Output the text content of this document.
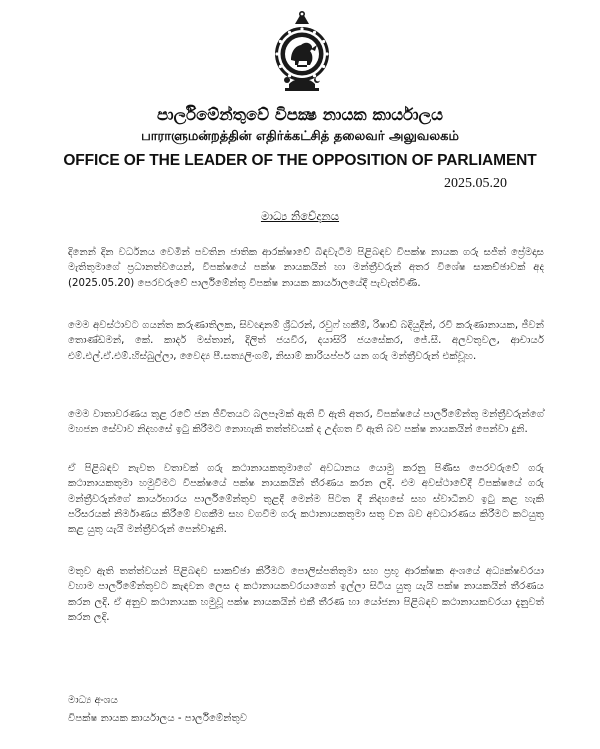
පාර්ලිමේන්තුවේ විපක්‍ෂ නායක කාර්යාලය
பாராளுமன்றத்தின் எதிர்க்கட்சித் தலைவர் அலுவலகம்
OFFICE OF THE LEADER OF THE OPPOSITION OF PARLIAMENT
2025.05.20
මාධ්‍ය නිවේදනය

දිනෙන් දින වර්ධනය වෙමින් පවතින ජාතික ආරක්ෂාවේ බිඳවැටීම පිළිබඳව විපක්ෂ නායක ගරු සජිත් ප්‍රේමදාස මැතිතුමාගේ ප්‍රධානත්වයෙන්, විපක්ෂයේ පක්ෂ නායකයින් හා මන්ත්‍රීවරුන් අතර විශේෂ සාකච්ඡාවක් අද (2025.05.20) පෙරවරුවේ පාර්ලිමේන්තු විපක්ෂ නායක කාර්යාලයේදී පැවැත්විණි.

මෙම අවස්ථාවට ගයන්ත කරුණාතිලක, සිවඥානම් ශ්‍රීධරන්, රවුෆ් හකීම්, රිෂාඩ් බදියුදීන්, රවි කරුණානායක, ජීවන් තොණ්ඩමන්, කේ. කාදර් මස්තාන්, දිලිත් ජයවීර, දයාසිරි ජයසේකර, ජේ.සී. අලවතුවල, ආචාර්ය එම්.එල්.ඒ.එම්.හිස්බුල්ලා, වෛද්‍ය පී.සත්‍යලිංගම්, නිසාම් කාරියප්පර් යන ගරු මන්ත්‍රීවරුන් එක්වූහ.

මෙම වාතාවරණය තුළ රටේ ජන ජීවිතයට බලපෑමක් ඇති වී ඇති අතර, විපක්ෂයේ පාර්ලිමේන්තු මන්ත්‍රීවරුන්ගේ මහජන සේවාව නිදහසේ ඉටු කිරීමට නොහැකි තත්ත්වයක් ද උද්ගත වී ඇති බව පක්ෂ නායකයින් පෙන්වා දුනි.

ඒ පිළිබඳව නැවත වතාවක් ගරු කථානායකතුමාගේ අවධානය යොමු කරනු පිණිස පෙරවරුවේ ගරු කථානායකතුමා හමුවීමට විපක්ෂයේ පක්ෂ නායකයින් තීරණය කරන ලදි. එම අවස්ථාවේදී විපක්ෂයේ ගරු මන්ත්‍රීවරුන්ගේ කාර්යභාරය පාර්ලිමේන්තුව තුළදී මෙන්ම පිටත දී නිදහසේ සහ ස්වාධීනව ඉටු කළ හැකි පරිසරයක් නිර්මාණය කිරීමේ වගකීම සහ වගවීම ගරු කථානායකතුමා සතු වන බව අවධාරණය කිරීමට කටයුතු කළ යුතු යැයි මන්ත්‍රීවරුන් පෙන්වාදුනි.

මතුව ඇති තත්ත්වයන් පිළිබඳව සාකච්ඡා කිරීමට පොලිස්පතිතුමා සහ ප්‍රභූ ආරක්ෂක අංශයේ අධ්‍යක්ෂවරයා වහාම පාර්ලිමේන්තුවට කැඳවන ලෙස ද කථානායකවරයාගෙන් ඉල්ලා සිටිය යුතු යැයි පක්ෂ නායකයින් තීරණය කරන ලදි. ඒ අනුව කථානායක හමුවූ පක්ෂ නායකයින් එකී තීරණ හා යෝජනා පිළිබඳව කථානායකවරයා දැනුවත් කරන ලදි.

මාධ්‍ය අංශය
විපක්ෂ නායක කාර්යාලය - පාර්ලිමේන්තුව
